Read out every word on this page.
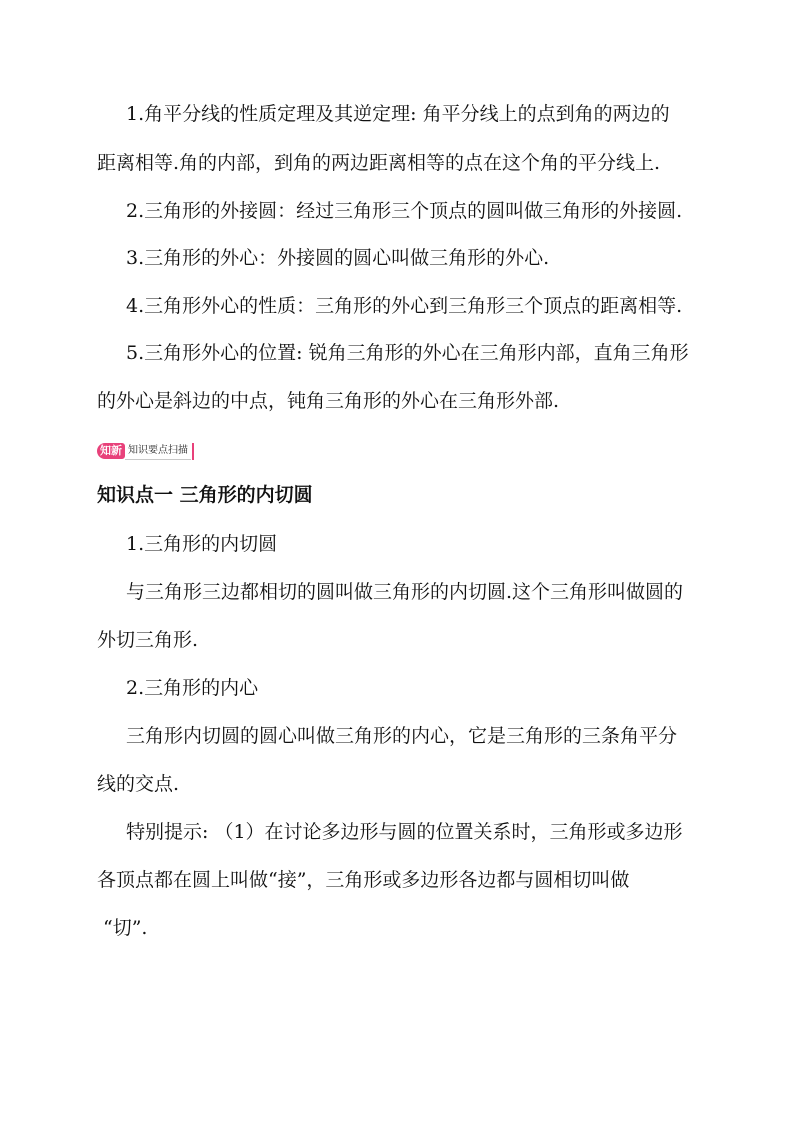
1.角平分线的性质定理及其逆定理: 角平分线上的点到角的两边的
距离相等.角的内部，到角的两边距离相等的点在这个角的平分线上.
2.三角形的外接圆：经过三角形三个顶点的圆叫做三角形的外接圆.
3.三角形的外心：外接圆的圆心叫做三角形的外心.
4.三角形外心的性质：三角形的外心到三角形三个顶点的距离相等.
5.三角形外心的位置: 锐角三角形的外心在三角形内部，直角三角形
的外心是斜边的中点，钝角三角形的外心在三角形外部.
知新 知识要点扫描
知识点一 三角形的内切圆
1.三角形的内切圆
与三角形三边都相切的圆叫做三角形的内切圆.这个三角形叫做圆的
外切三角形.
2.三角形的内心
三角形内切圆的圆心叫做三角形的内心，它是三角形的三条角平分
线的交点.
特别提示: （1）在讨论多边形与圆的位置关系时，三角形或多边形
各顶点都在圆上叫做“接”，三角形或多边形各边都与圆相切叫做
“切”.
